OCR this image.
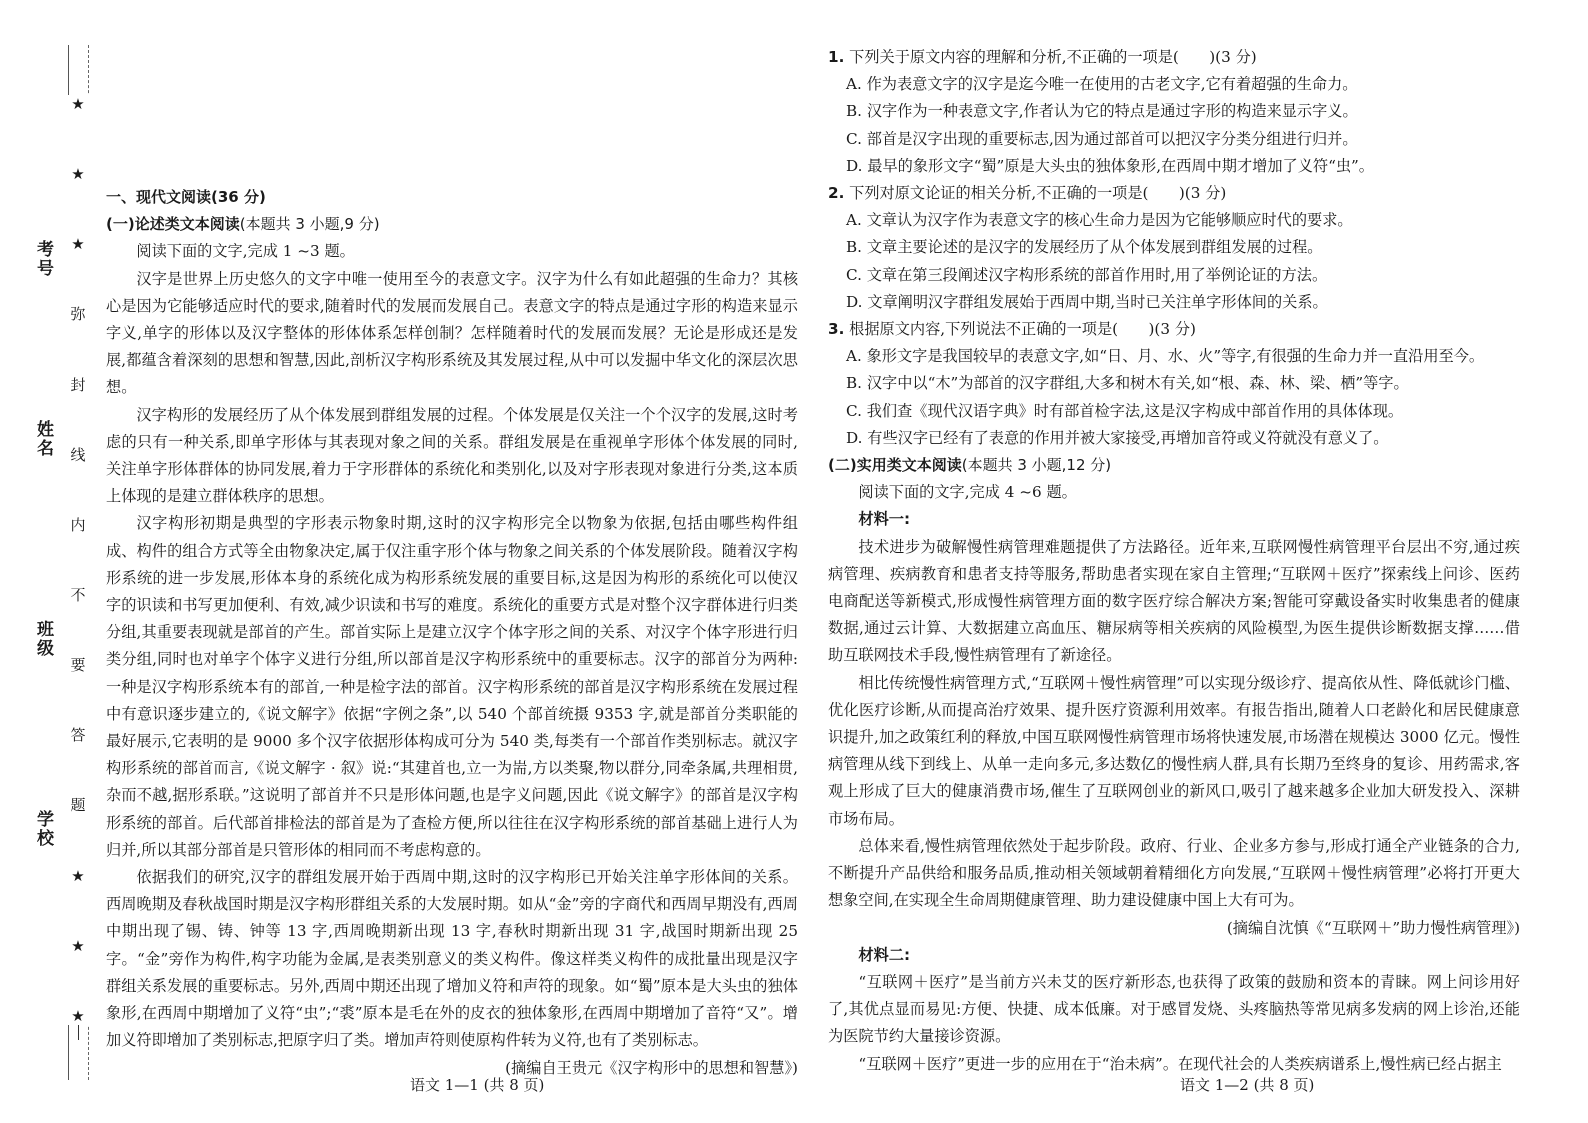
考号
姓名
班级
学校
★
★
★
弥
封
线
内
不
要
答
题
★
★
★

一、现代文阅读(36 分)

(一)论述类文本阅读(本题共 3 小题,9 分)

阅读下面的文字,完成 1 ~3 题。

汉字是世界上历史悠久的文字中唯一使用至今的表意文字。汉字为什么有如此超强的生命力？其核心是因为它能够适应时代的要求,随着时代的发展而发展自己。表意文字的特点是通过字形的构造来显示字义,单字的形体以及汉字整体的形体体系怎样创制？怎样随着时代的发展而发展？无论是形成还是发展,都蕴含着深刻的思想和智慧,因此,剖析汉字构形系统及其发展过程,从中可以发掘中华文化的深层次思想。

汉字构形的发展经历了从个体发展到群组发展的过程。个体发展是仅关注一个个汉字的发展,这时考虑的只有一种关系,即单字形体与其表现对象之间的关系。群组发展是在重视单字形体个体发展的同时,关注单字形体群体的协同发展,着力于字形群体的系统化和类别化,以及对字形表现对象进行分类,这本质上体现的是建立群体秩序的思想。

汉字构形初期是典型的字形表示物象时期,这时的汉字构形完全以物象为依据,包括由哪些构件组成、构件的组合方式等全由物象决定,属于仅注重字形个体与物象之间关系的个体发展阶段。随着汉字构形系统的进一步发展,形体本身的系统化成为构形系统发展的重要目标,这是因为构形的系统化可以使汉字的识读和书写更加便利、有效,减少识读和书写的难度。系统化的重要方式是对整个汉字群体进行归类分组,其重要表现就是部首的产生。部首实际上是建立汉字个体字形之间的关系、对汉字个体字形进行归类分组,同时也对单字个体字义进行分组,所以部首是汉字构形系统中的重要标志。汉字的部首分为两种:一种是汉字构形系统本有的部首,一种是检字法的部首。汉字构形系统的部首是汉字构形系统在发展过程中有意识逐步建立的,《说文解字》依据“字例之条”,以 540 个部首统摄 9353 字,就是部首分类职能的最好展示,它表明的是 9000 多个汉字依据形体构成可分为 540 类,每类有一个部首作类别标志。就汉字构形系统的部首而言,《说文解字 · 叙》说:“其建首也,立一为耑,方以类聚,物以群分,同牵条属,共理相贯,杂而不越,据形系联。”这说明了部首并不只是形体问题,也是字义问题,因此《说文解字》的部首是汉字构形系统的部首。后代部首排检法的部首是为了查检方便,所以往往在汉字构形系统的部首基础上进行人为归并,所以其部分部首是只管形体的相同而不考虑构意的。

依据我们的研究,汉字的群组发展开始于西周中期,这时的汉字构形已开始关注单字形体间的关系。西周晚期及春秋战国时期是汉字构形群组关系的大发展时期。如从“金”旁的字商代和西周早期没有,西周中期出现了锡、铸、钟等 13 字,西周晚期新出现 13 字,春秋时期新出现 31 字,战国时期新出现 25 字。“金”旁作为构件,构字功能为金属,是表类别意义的类义构件。像这样类义构件的成批量出现是汉字群组关系发展的重要标志。另外,西周中期还出现了增加义符和声符的现象。如“蜀”原本是大头虫的独体象形,在西周中期增加了义符“虫”;“裘”原本是毛在外的皮衣的独体象形,在西周中期增加了音符“又”。增加义符即增加了类别标志,把原字归了类。增加声符则使原构件转为义符,也有了类别标志。

(摘编自王贵元《汉字构形中的思想和智慧》)

语文 1—1 (共 8 页)

1. 下列关于原文内容的理解和分析,不正确的一项是(　　)(3 分)

A. 作为表意文字的汉字是迄今唯一在使用的古老文字,它有着超强的生命力。

B. 汉字作为一种表意文字,作者认为它的特点是通过字形的构造来显示字义。

C. 部首是汉字出现的重要标志,因为通过部首可以把汉字分类分组进行归并。

D. 最早的象形文字“蜀”原是大头虫的独体象形,在西周中期才增加了义符“虫”。

2. 下列对原文论证的相关分析,不正确的一项是(　　)(3 分)

A. 文章认为汉字作为表意文字的核心生命力是因为它能够顺应时代的要求。

B. 文章主要论述的是汉字的发展经历了从个体发展到群组发展的过程。

C. 文章在第三段阐述汉字构形系统的部首作用时,用了举例论证的方法。

D. 文章阐明汉字群组发展始于西周中期,当时已关注单字形体间的关系。

3. 根据原文内容,下列说法不正确的一项是(　　)(3 分)

A. 象形文字是我国较早的表意文字,如“日、月、水、火”等字,有很强的生命力并一直沿用至今。

B. 汉字中以“木”为部首的汉字群组,大多和树木有关,如“根、森、林、梁、栖”等字。

C. 我们查《现代汉语字典》时有部首检字法,这是汉字构成中部首作用的具体体现。

D. 有些汉字已经有了表意的作用并被大家接受,再增加音符或义符就没有意义了。

(二)实用类文本阅读(本题共 3 小题,12 分)

阅读下面的文字,完成 4 ~6 题。

材料一:

技术进步为破解慢性病管理难题提供了方法路径。近年来,互联网慢性病管理平台层出不穷,通过疾病管理、疾病教育和患者支持等服务,帮助患者实现在家自主管理;“互联网＋医疗”探索线上问诊、医药电商配送等新模式,形成慢性病管理方面的数字医疗综合解决方案;智能可穿戴设备实时收集患者的健康数据,通过云计算、大数据建立高血压、糖尿病等相关疾病的风险模型,为医生提供诊断数据支撑……借助互联网技术手段,慢性病管理有了新途径。

相比传统慢性病管理方式,“互联网＋慢性病管理”可以实现分级诊疗、提高依从性、降低就诊门槛、优化医疗诊断,从而提高治疗效果、提升医疗资源利用效率。有报告指出,随着人口老龄化和居民健康意识提升,加之政策红利的释放,中国互联网慢性病管理市场将快速发展,市场潜在规模达 3000 亿元。慢性病管理从线下到线上、从单一走向多元,多达数亿的慢性病人群,具有长期乃至终身的复诊、用药需求,客观上形成了巨大的健康消费市场,催生了互联网创业的新风口,吸引了越来越多企业加大研发投入、深耕市场布局。

总体来看,慢性病管理依然处于起步阶段。政府、行业、企业多方参与,形成打通全产业链条的合力,不断提升产品供给和服务品质,推动相关领域朝着精细化方向发展,“互联网＋慢性病管理”必将打开更大想象空间,在实现全生命周期健康管理、助力建设健康中国上大有可为。

(摘编自沈慎《“互联网＋”助力慢性病管理》)

材料二:

“互联网＋医疗”是当前方兴未艾的医疗新形态,也获得了政策的鼓励和资本的青睐。网上问诊用好了,其优点显而易见:方便、快捷、成本低廉。对于感冒发烧、头疼脑热等常见病多发病的网上诊治,还能为医院节约大量接诊资源。

“互联网＋医疗”更进一步的应用在于“治未病”。在现代社会的人类疾病谱系上,慢性病已经占据主

语文 1—2 (共 8 页)
